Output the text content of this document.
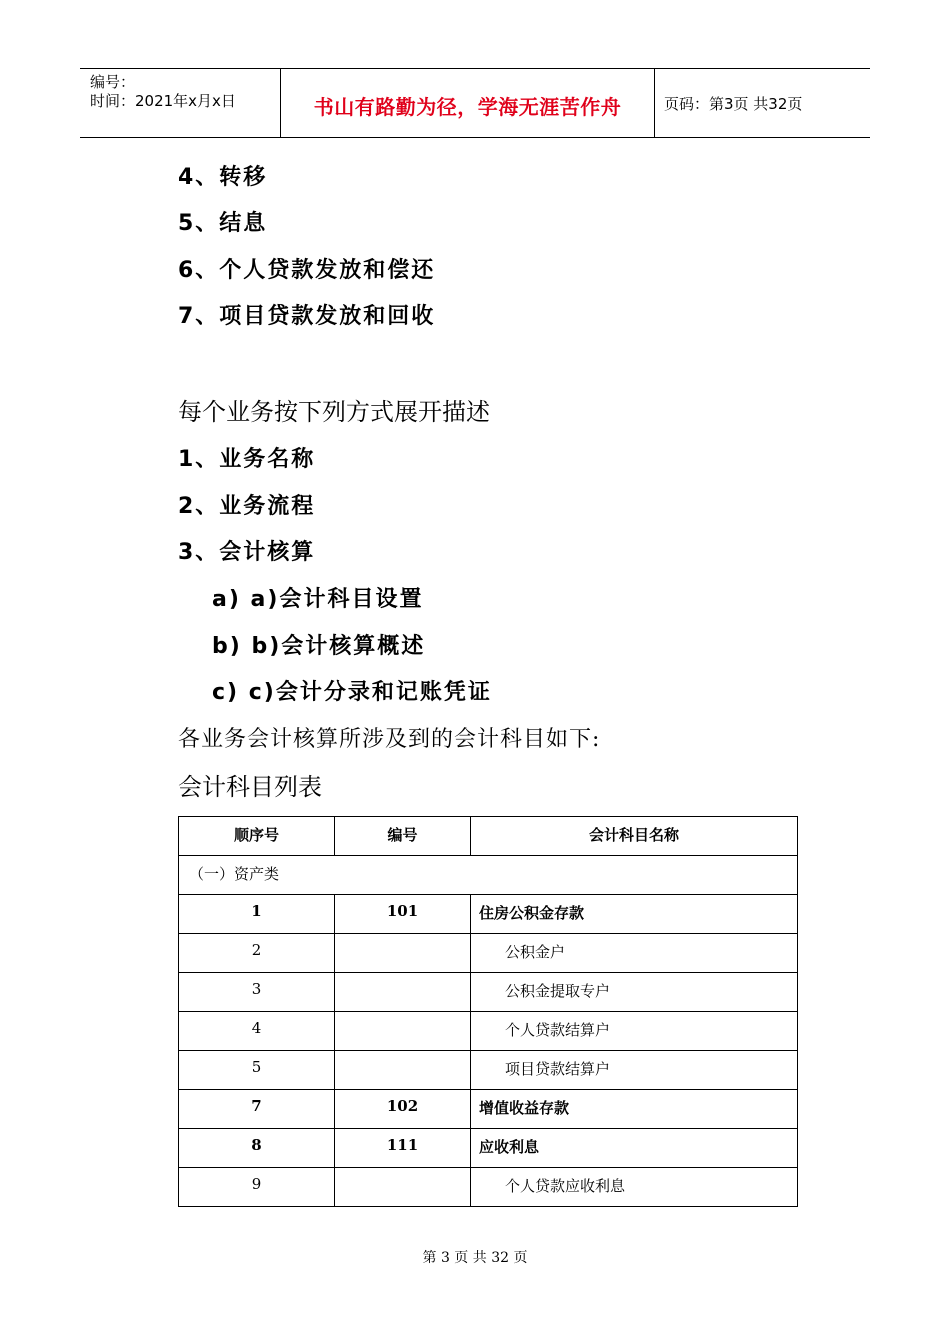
编号：
时间：2021年x月x日	书山有路勤为径，学海无涯苦作舟	页码：第3页 共32页
4、转移
5、结息
6、个人贷款发放和偿还
7、项目贷款发放和回收
每个业务按下列方式展开描述
1、业务名称
2、业务流程
3、会计核算
a) a)会计科目设置
b) b)会计核算概述
c) c)会计分录和记账凭证
各业务会计核算所涉及到的会计科目如下:
会计科目列表
顺序号	编号	会计科目名称

（一）资产类		

1	101	住房公积金存款

2		公积金户

3		公积金提取专户

4		个人贷款结算户

5		项目贷款结算户

7	102	增值收益存款

8	111	应收利息

9		个人贷款应收利息
第 3 页 共 32 页
